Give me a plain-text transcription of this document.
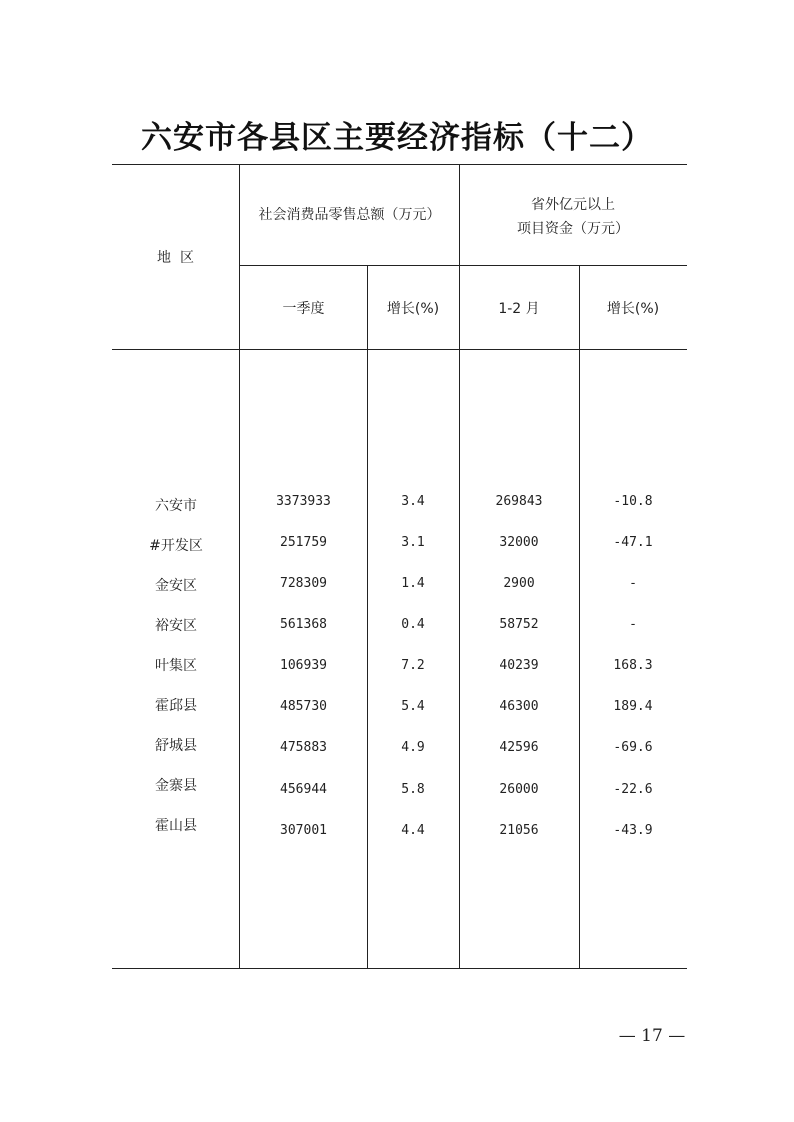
六安市各县区主要经济指标（十二）
地  区
社会消费品零售总额（万元）
省外亿元以上
项目资金（万元）
一季度	增长(%)	1-2 月	增长(%)
六安市	3373933	3.4	269843	-10.8
#开发区	251759	3.1	32000	-47.1
金安区	728309	1.4	2900	-
裕安区	561368	0.4	58752	-
叶集区	106939	7.2	40239	168.3
霍邱县	485730	5.4	46300	189.4
舒城县	475883	4.9	42596	-69.6
金寨县	456944	5.8	26000	-22.6
霍山县	307001	4.4	21056	-43.9
— 17 —
